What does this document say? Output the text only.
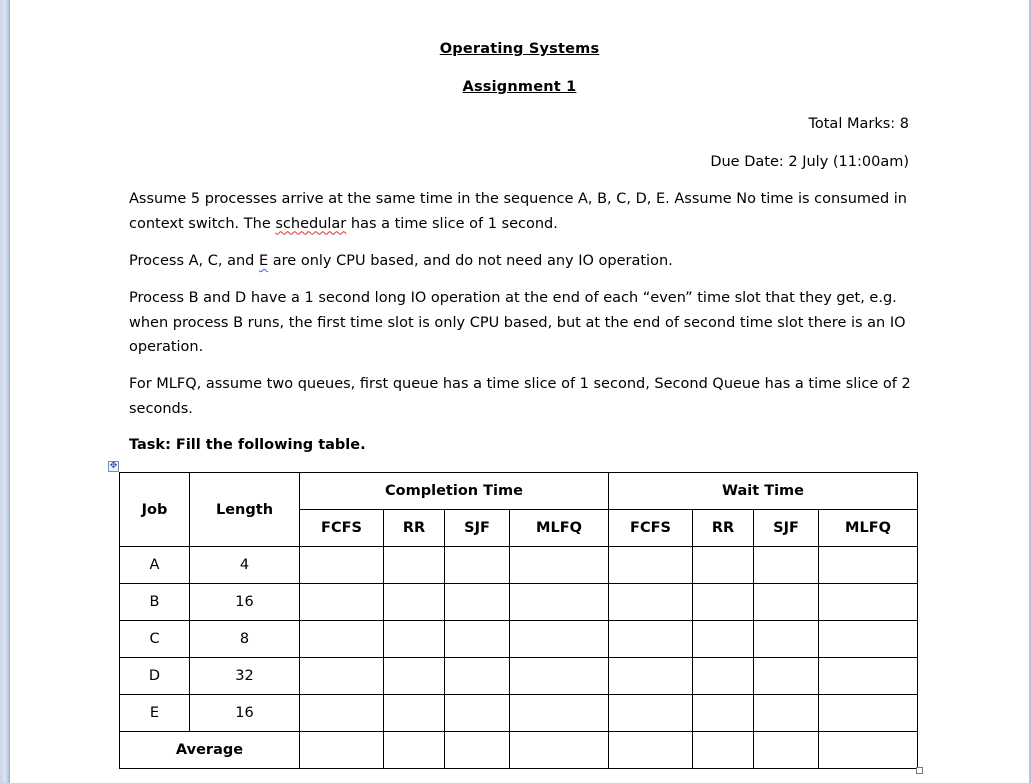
Operating Systems
Assignment 1
Total Marks: 8
Due Date: 2 July (11:00am)
Assume 5 processes arrive at the same time in the sequence A, B, C, D, E. Assume No time is consumed in context switch. The schedular has a time slice of 1 second.
Process A, C, and E are only CPU based, and do not need any IO operation.
Process B and D have a 1 second long IO operation at the end of each “even” time slot that they get, e.g. when process B runs, the first time slot is only CPU based, but at the end of second time slot there is an IO operation.
For MLFQ, assume two queues, first queue has a time slice of 1 second, Second Queue has a time slice of 2 seconds.
Task: Fill the following table.
✥
Job	Length	Completion Time				Wait Time			
		FCFS	RR	SJF	MLFQ	FCFS	RR	SJF	MLFQ
A	4								
B	16								
C	8								
D	32								
E	16								
Average									
